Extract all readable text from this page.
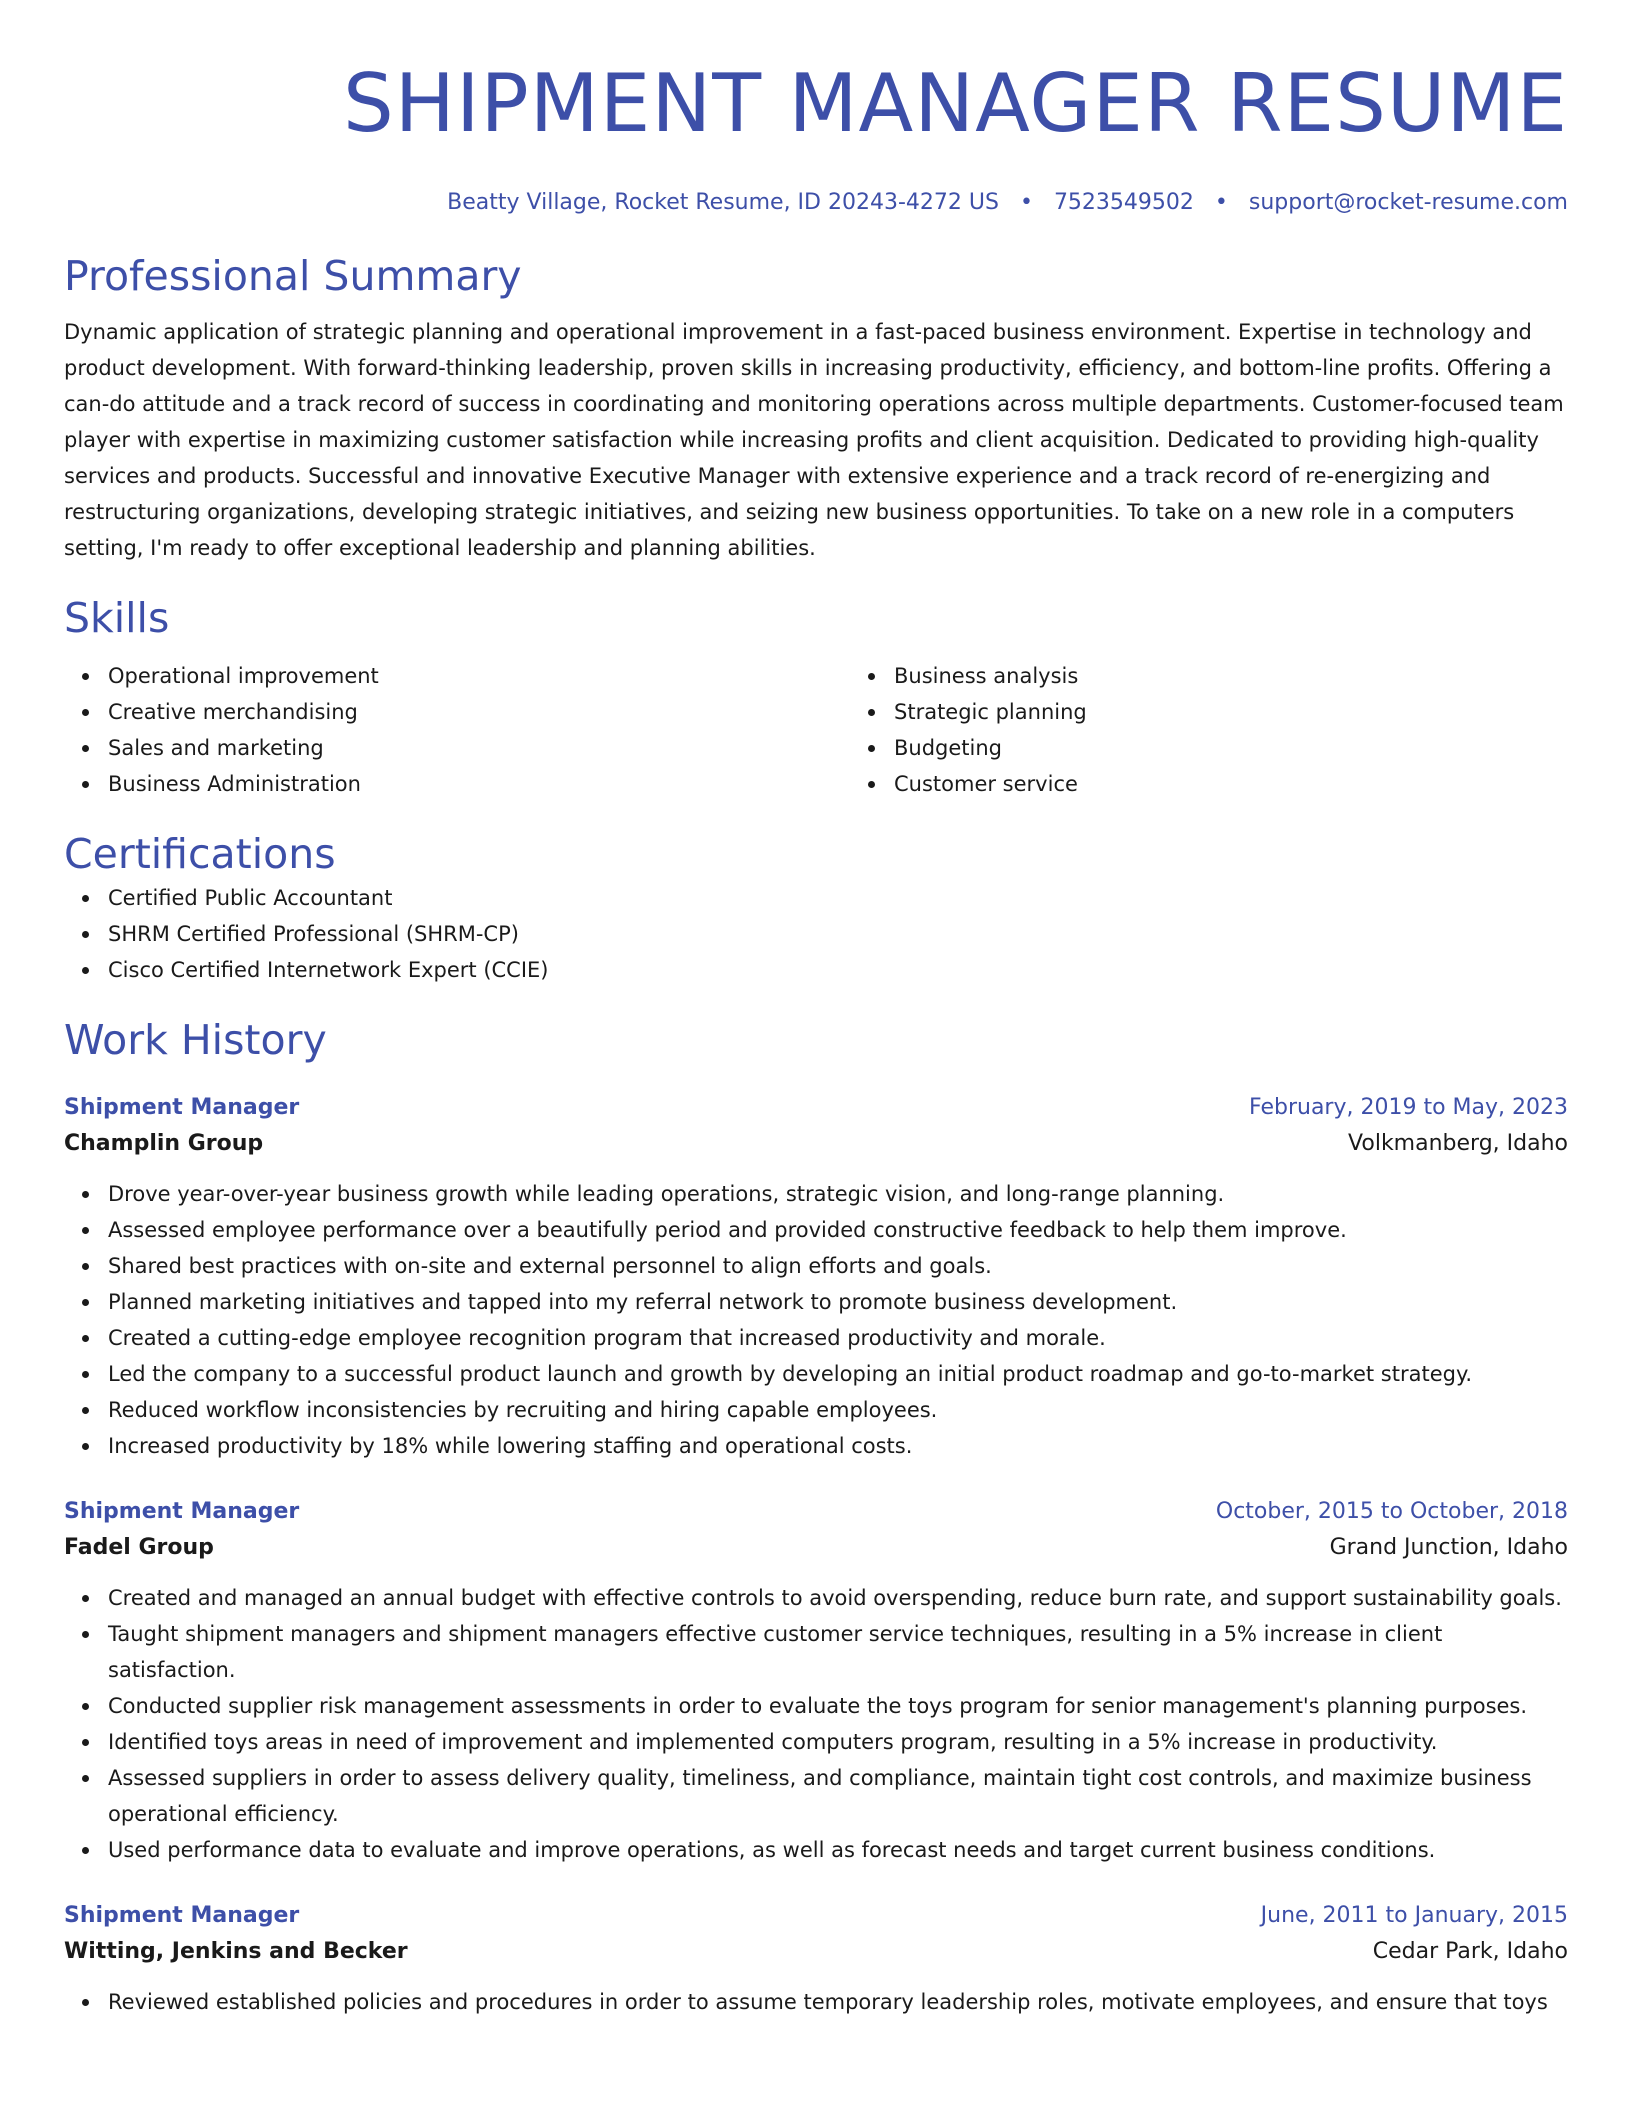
SHIPMENT MANAGER RESUME
Beatty Village, Rocket Resume, ID 20243-4272 US • 7523549502 • support@rocket-resume.com
Professional Summary

Dynamic application of strategic planning and operational improvement in a fast-paced business environment. Expertise in technology and product development. With forward-thinking leadership, proven skills in increasing productivity, efficiency, and bottom-line profits. Offering a can-do attitude and a track record of success in coordinating and monitoring operations across multiple departments. Customer-focused team player with expertise in maximizing customer satisfaction while increasing profits and client acquisition. Dedicated to providing high-quality services and products. Successful and innovative Executive Manager with extensive experience and a track record of re-energizing and restructuring organizations, developing strategic initiatives, and seizing new business opportunities. To take on a new role in a computers setting, I'm ready to offer exceptional leadership and planning abilities.

Skills
Operational improvement
Creative merchandising
Sales and marketing
Business Administration
Business analysis
Strategic planning
Budgeting
Customer service
Certifications
Certified Public Accountant
SHRM Certified Professional (SHRM-CP)
Cisco Certified Internetwork Expert (CCIE)
Work History
Shipment Manager	February, 2019 to May, 2023
Champlin Group	Volkmanberg, Idaho
Drove year-over-year business growth while leading operations, strategic vision, and long-range planning.
Assessed employee performance over a beautifully period and provided constructive feedback to help them improve.
Shared best practices with on-site and external personnel to align efforts and goals.
Planned marketing initiatives and tapped into my referral network to promote business development.
Created a cutting-edge employee recognition program that increased productivity and morale.
Led the company to a successful product launch and growth by developing an initial product roadmap and go-to-market strategy.
Reduced workflow inconsistencies by recruiting and hiring capable employees.
Increased productivity by 18% while lowering staffing and operational costs.
Shipment Manager	October, 2015 to October, 2018
Fadel Group	Grand Junction, Idaho
Created and managed an annual budget with effective controls to avoid overspending, reduce burn rate, and support sustainability goals.
Taught shipment managers and shipment managers effective customer service techniques, resulting in a 5% increase in client satisfaction.
Conducted supplier risk management assessments in order to evaluate the toys program for senior management's planning purposes.
Identified toys areas in need of improvement and implemented computers program, resulting in a 5% increase in productivity.
Assessed suppliers in order to assess delivery quality, timeliness, and compliance, maintain tight cost controls, and maximize business operational efficiency.
Used performance data to evaluate and improve operations, as well as forecast needs and target current business conditions.
Shipment Manager	June, 2011 to January, 2015
Witting, Jenkins and Becker	Cedar Park, Idaho
Reviewed established policies and procedures in order to assume temporary leadership roles, motivate employees, and ensure that toys
